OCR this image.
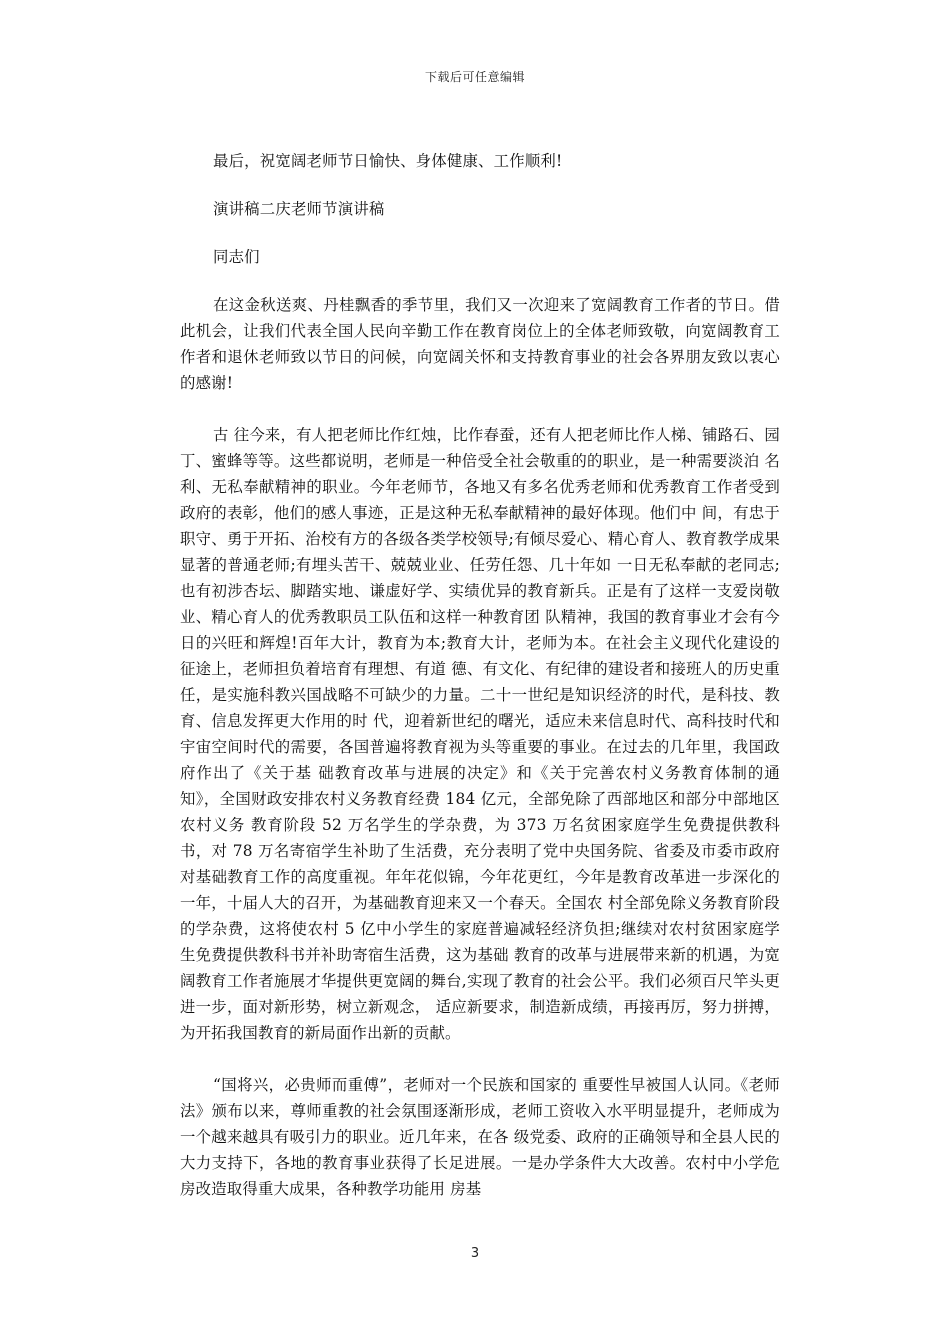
下载后可任意编辑

最后，祝宽阔老师节日愉快、身体健康、工作顺利!

演讲稿二庆老师节演讲稿

同志们

在这金秋送爽、丹桂飘香的季节里，我们又一次迎来了宽阔教育工作者的节日。借此机会，让我们代表全国人民向辛勤工作在教育岗位上的全体老师致敬，向宽阔教育工作者和退休老师致以节日的问候，向宽阔关怀和支持教育事业的社会各界朋友致以衷心的感谢!

古 往今来，有人把老师比作红烛，比作春蚕，还有人把老师比作人梯、铺路石、园丁、蜜蜂等等。这些都说明，老师是一种倍受全社会敬重的的职业，是一种需要淡泊 名利、无私奉献精神的职业。今年老师节，各地又有多名优秀老师和优秀教育工作者受到政府的表彰，他们的感人事迹，正是这种无私奉献精神的最好体现。他们中 间，有忠于职守、勇于开拓、治校有方的各级各类学校领导;有倾尽爱心、精心育人、教育教学成果显著的普通老师;有埋头苦干、兢兢业业、任劳任怨、几十年如 一日无私奉献的老同志;也有初涉杏坛、脚踏实地、谦虚好学、实绩优异的教育新兵。正是有了这样一支爱岗敬业、精心育人的优秀教职员工队伍和这样一种教育团 队精神，我国的教育事业才会有今日的兴旺和辉煌!百年大计，教育为本;教育大计，老师为本。在社会主义现代化建设的征途上，老师担负着培育有理想、有道 德、有文化、有纪律的建设者和接班人的历史重任，是实施科教兴国战略不可缺少的力量。二十一世纪是知识经济的时代，是科技、教育、信息发挥更大作用的时 代，迎着新世纪的曙光，适应未来信息时代、高科技时代和宇宙空间时代的需要，各国普遍将教育视为头等重要的事业。在过去的几年里，我国政府作出了《关于基 础教育改革与进展的决定》和《关于完善农村义务教育体制的通知》，全国财政安排农村义务教育经费 184 亿元，全部免除了西部地区和部分中部地区农村义务 教育阶段 52 万名学生的学杂费，为 373 万名贫困家庭学生免费提供教科书，对 78 万名寄宿学生补助了生活费，充分表明了党中央国务院、省委及市委市政府对基础教育工作的高度重视。年年花似锦，今年花更红，今年是教育改革进一步深化的一年，十届人大的召开，为基础教育迎来又一个春天。全国农 村全部免除义务教育阶段的学杂费，这将使农村 5 亿中小学生的家庭普遍减轻经济负担;继续对农村贫困家庭学生免费提供教科书并补助寄宿生活费，这为基础 教育的改革与进展带来新的机遇，为宽阔教育工作者施展才华提供更宽阔的舞台,实现了教育的社会公平。我们必须百尺竿头更进一步，面对新形势，树立新观念， 适应新要求，制造新成绩，再接再厉，努力拼搏，为开拓我国教育的新局面作出新的贡献。

“国将兴，必贵师而重傅”，老师对一个民族和国家的 重要性早被国人认同。《老师法》颁布以来，尊师重教的社会氛围逐渐形成，老师工资收入水平明显提升，老师成为一个越来越具有吸引力的职业。近几年来，在各 级党委、政府的正确领导和全县人民的大力支持下，各地的教育事业获得了长足进展。一是办学条件大大改善。农村中小学危房改造取得重大成果，各种教学功能用 房基

3
